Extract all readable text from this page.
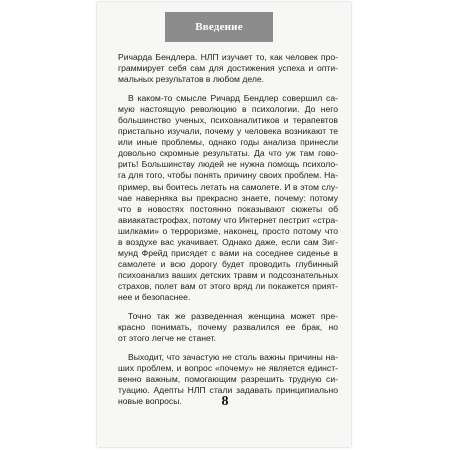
Введение
Ричарда Бендлера. НЛП изучает то, как человек про-
граммирует себя сам для достижения успеха и опти-
мальных результатов в любом деле.
В каком-то смысле Ричард Бендлер совершил са-
мую настоящую революцию в психологии. До него
большинство ученых, психоаналитиков и терапевтов
пристально изучали, почему у человека возникают те
или иные проблемы, однако годы анализа принесли
довольно скромные результаты. Да что уж там гово-
рить! Большинству людей не нужна помощь психоло-
га для того, чтобы понять причину своих проблем. На-
пример, вы боитесь летать на самолете. И в этом слу-
чае наверняка вы прекрасно знаете, почему: потому
что в новостях постоянно показывают сюжеты об
авиакатастрофах, потому что Интернет пестрит «стра-
шилками» о терроризме, наконец, просто потому что
в воздухе вас укачивает. Однако даже, если сам Зиг-
мунд Фрейд присядет с вами на соседнее сиденье в
самолете и всю дорогу будет проводить глубинный
психоанализ ваших детских травм и подсознательных
страхов, полет вам от этого вряд ли покажется прият-
нее и безопаснее.
Точно так же разведенная женщина может пре-
красно понимать, почему развалился ее брак, но
от этого легче не станет.
Выходит, что зачастую не столь важны причины на-
ших проблем, и вопрос «почему» не является единст-
венно важным, помогающим разрешить трудную си-
туацию. Адепты НЛП стали задавать принципиально
новые вопросы.	8
